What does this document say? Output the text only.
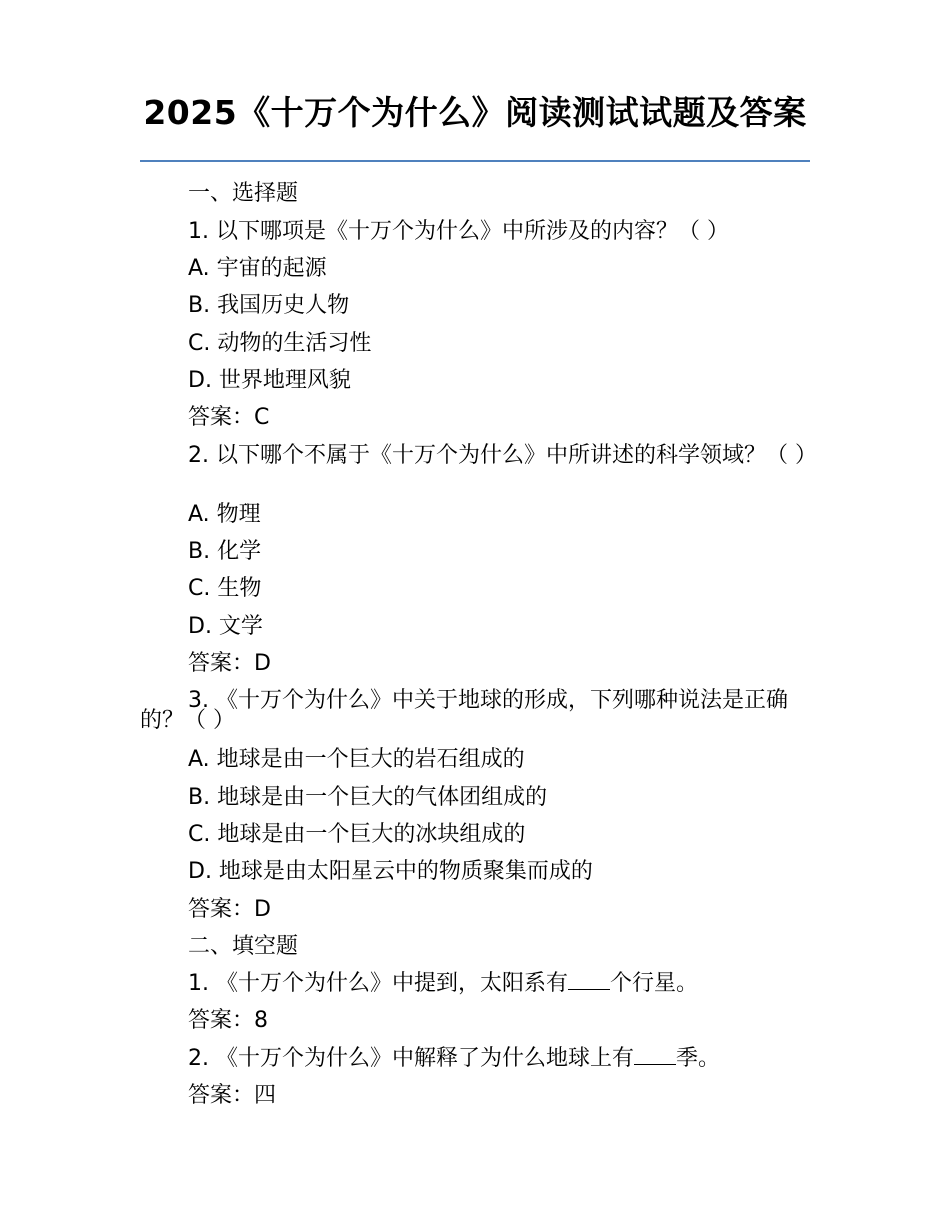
2025《十万个为什么》阅读测试试题及答案
一、选择题
1. 以下哪项是《十万个为什么》中所涉及的内容？（ ）
A. 宇宙的起源
B. 我国历史人物
C. 动物的生活习性
D. 世界地理风貌
答案：C
2. 以下哪个不属于《十万个为什么》中所讲述的科学领域？（ ）
A. 物理
B. 化学
C. 生物
D. 文学
答案：D
3. 《十万个为什么》中关于地球的形成，下列哪种说法是正确的？（ ）
A. 地球是由一个巨大的岩石组成的
B. 地球是由一个巨大的气体团组成的
C. 地球是由一个巨大的冰块组成的
D. 地球是由太阳星云中的物质聚集而成的
答案：D
二、填空题
1. 《十万个为什么》中提到，太阳系有 个行星。
答案：8
2. 《十万个为什么》中解释了为什么地球上有 季。
答案：四
